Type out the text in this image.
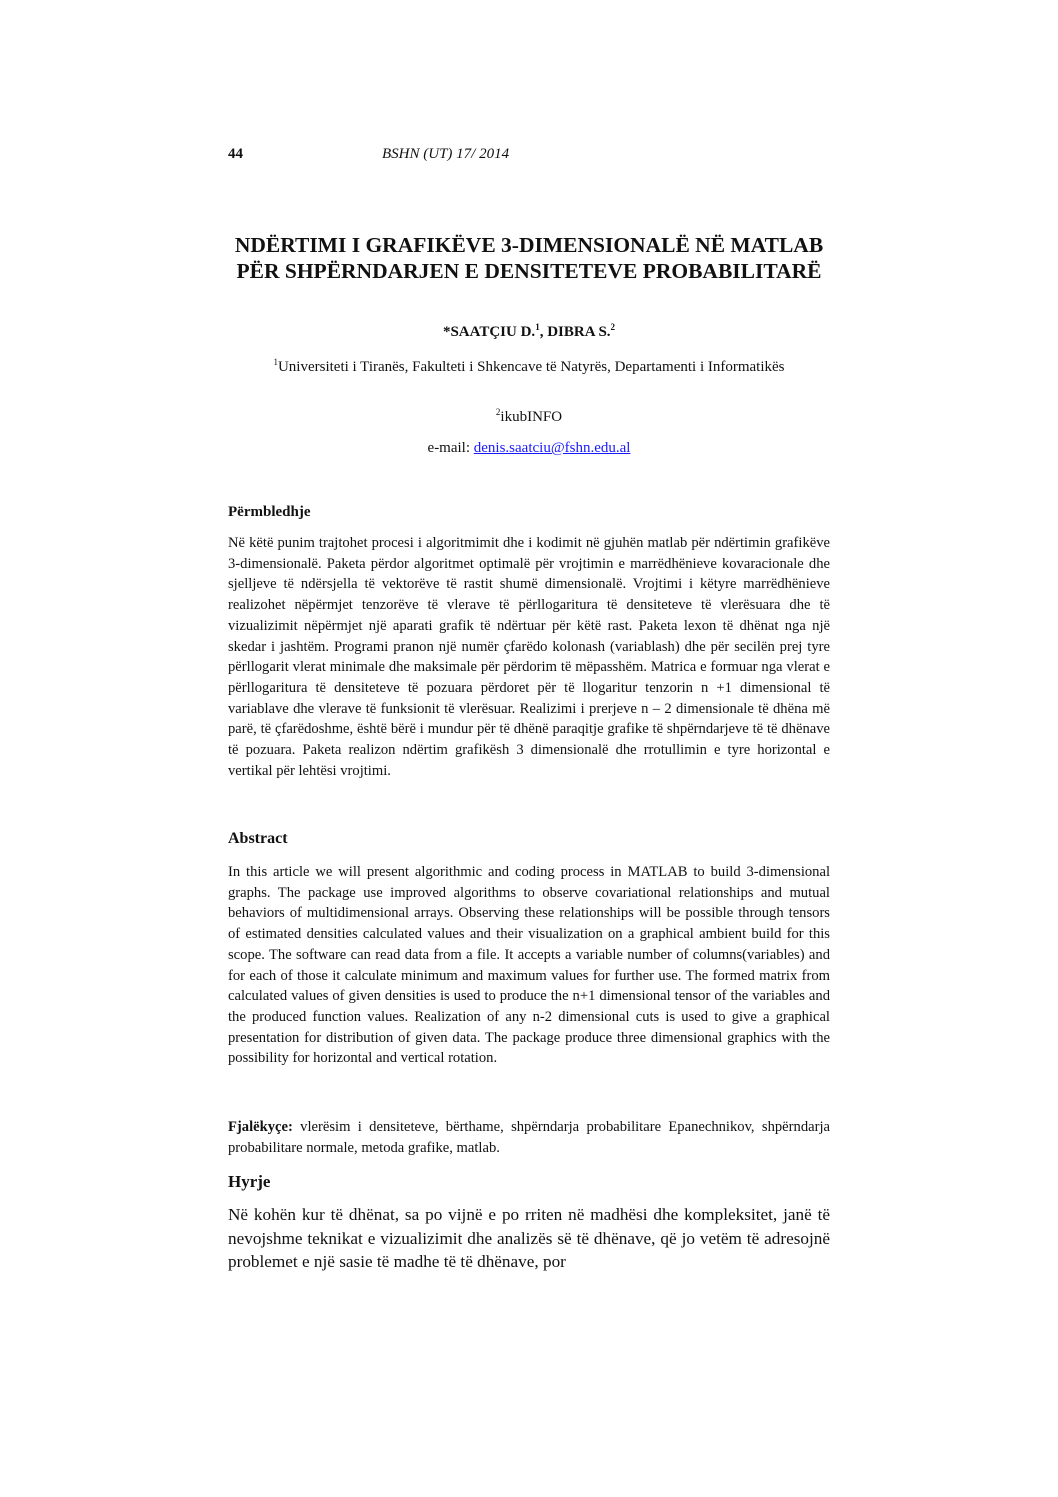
44	BSHN (UT) 17/ 2014
NDËRTIMI I GRAFIKËVE 3-DIMENSIONALË NË MATLAB PËR SHPËRNDARJEN E DENSITETEVE PROBABILITARË
*SAATÇIU D.$^1$, DIBRA S.$^2$
$^1$Universiteti i Tiranës, Fakulteti i Shkencave të Natyrës, Departamenti i Informatikës
$^2$ikubINFO
e-mail: denis.saatciu@fshn.edu.al
Përmbledhje

Në këtë punim trajtohet procesi i algoritmimit dhe i kodimit në gjuhën matlab për ndërtimin grafikëve 3-dimensionalë. Paketa përdor algoritmet optimalë për vrojtimin e marrëdhënieve kovaracionale dhe sjelljeve të ndërsjella të vektorëve të rastit shumë dimensionalë. Vrojtimi i këtyre marrëdhënieve realizohet nëpërmjet tenzorëve të vlerave të përllogaritura të densiteteve të vlerësuara dhe të vizualizimit nëpërmjet një aparati grafik të ndërtuar për këtë rast. Paketa lexon të dhënat nga një skedar i jashtëm. Programi pranon një numër çfarëdo kolonash (variablash) dhe për secilën prej tyre përllogarit vlerat minimale dhe maksimale për përdorim të mëpasshëm. Matrica e formuar nga vlerat e përllogaritura të densiteteve të pozuara përdoret për të llogaritur tenzorin n +1 dimensional të variablave dhe vlerave të funksionit të vlerësuar. Realizimi i prerjeve n – 2 dimensionale të dhëna më parë, të çfarëdoshme, është bërë i mundur për të dhënë paraqitje grafike të shpërndarjeve të të dhënave të pozuara. Paketa realizon ndërtim grafikësh 3 dimensionalë dhe rrotullimin e tyre horizontal e vertikal për lehtësi vrojtimi.

Abstract

In this article we will present algorithmic and coding process in MATLAB to build 3-dimensional graphs. The package use improved algorithms to observe covariational relationships and mutual behaviors of multidimensional arrays. Observing these relationships will be possible through tensors of estimated densities calculated values and their visualization on a graphical ambient build for this scope. The software can read data from a file. It accepts a variable number of columns(variables) and for each of those it calculate minimum and maximum values for further use. The formed matrix from calculated values of given densities is used to produce the n+1 dimensional tensor of the variables and the produced function values. Realization of any n-2 dimensional cuts is used to give a graphical presentation for distribution of given data. The package produce three dimensional graphics with the possibility for horizontal and vertical rotation.

Fjalëkyçe: vlerësim i densiteteve, bërthame, shpërndarja probabilitare Epanechnikov, shpërndarja probabilitare normale, metoda grafike, matlab.

Hyrje

Në kohën kur të dhënat, sa po vijnë e po rriten në madhësi dhe kompleksitet, janë të nevojshme teknikat e vizualizimit dhe analizës së të dhënave, që jo vetëm të adresojnë problemet e një sasie të madhe të të dhënave, por
